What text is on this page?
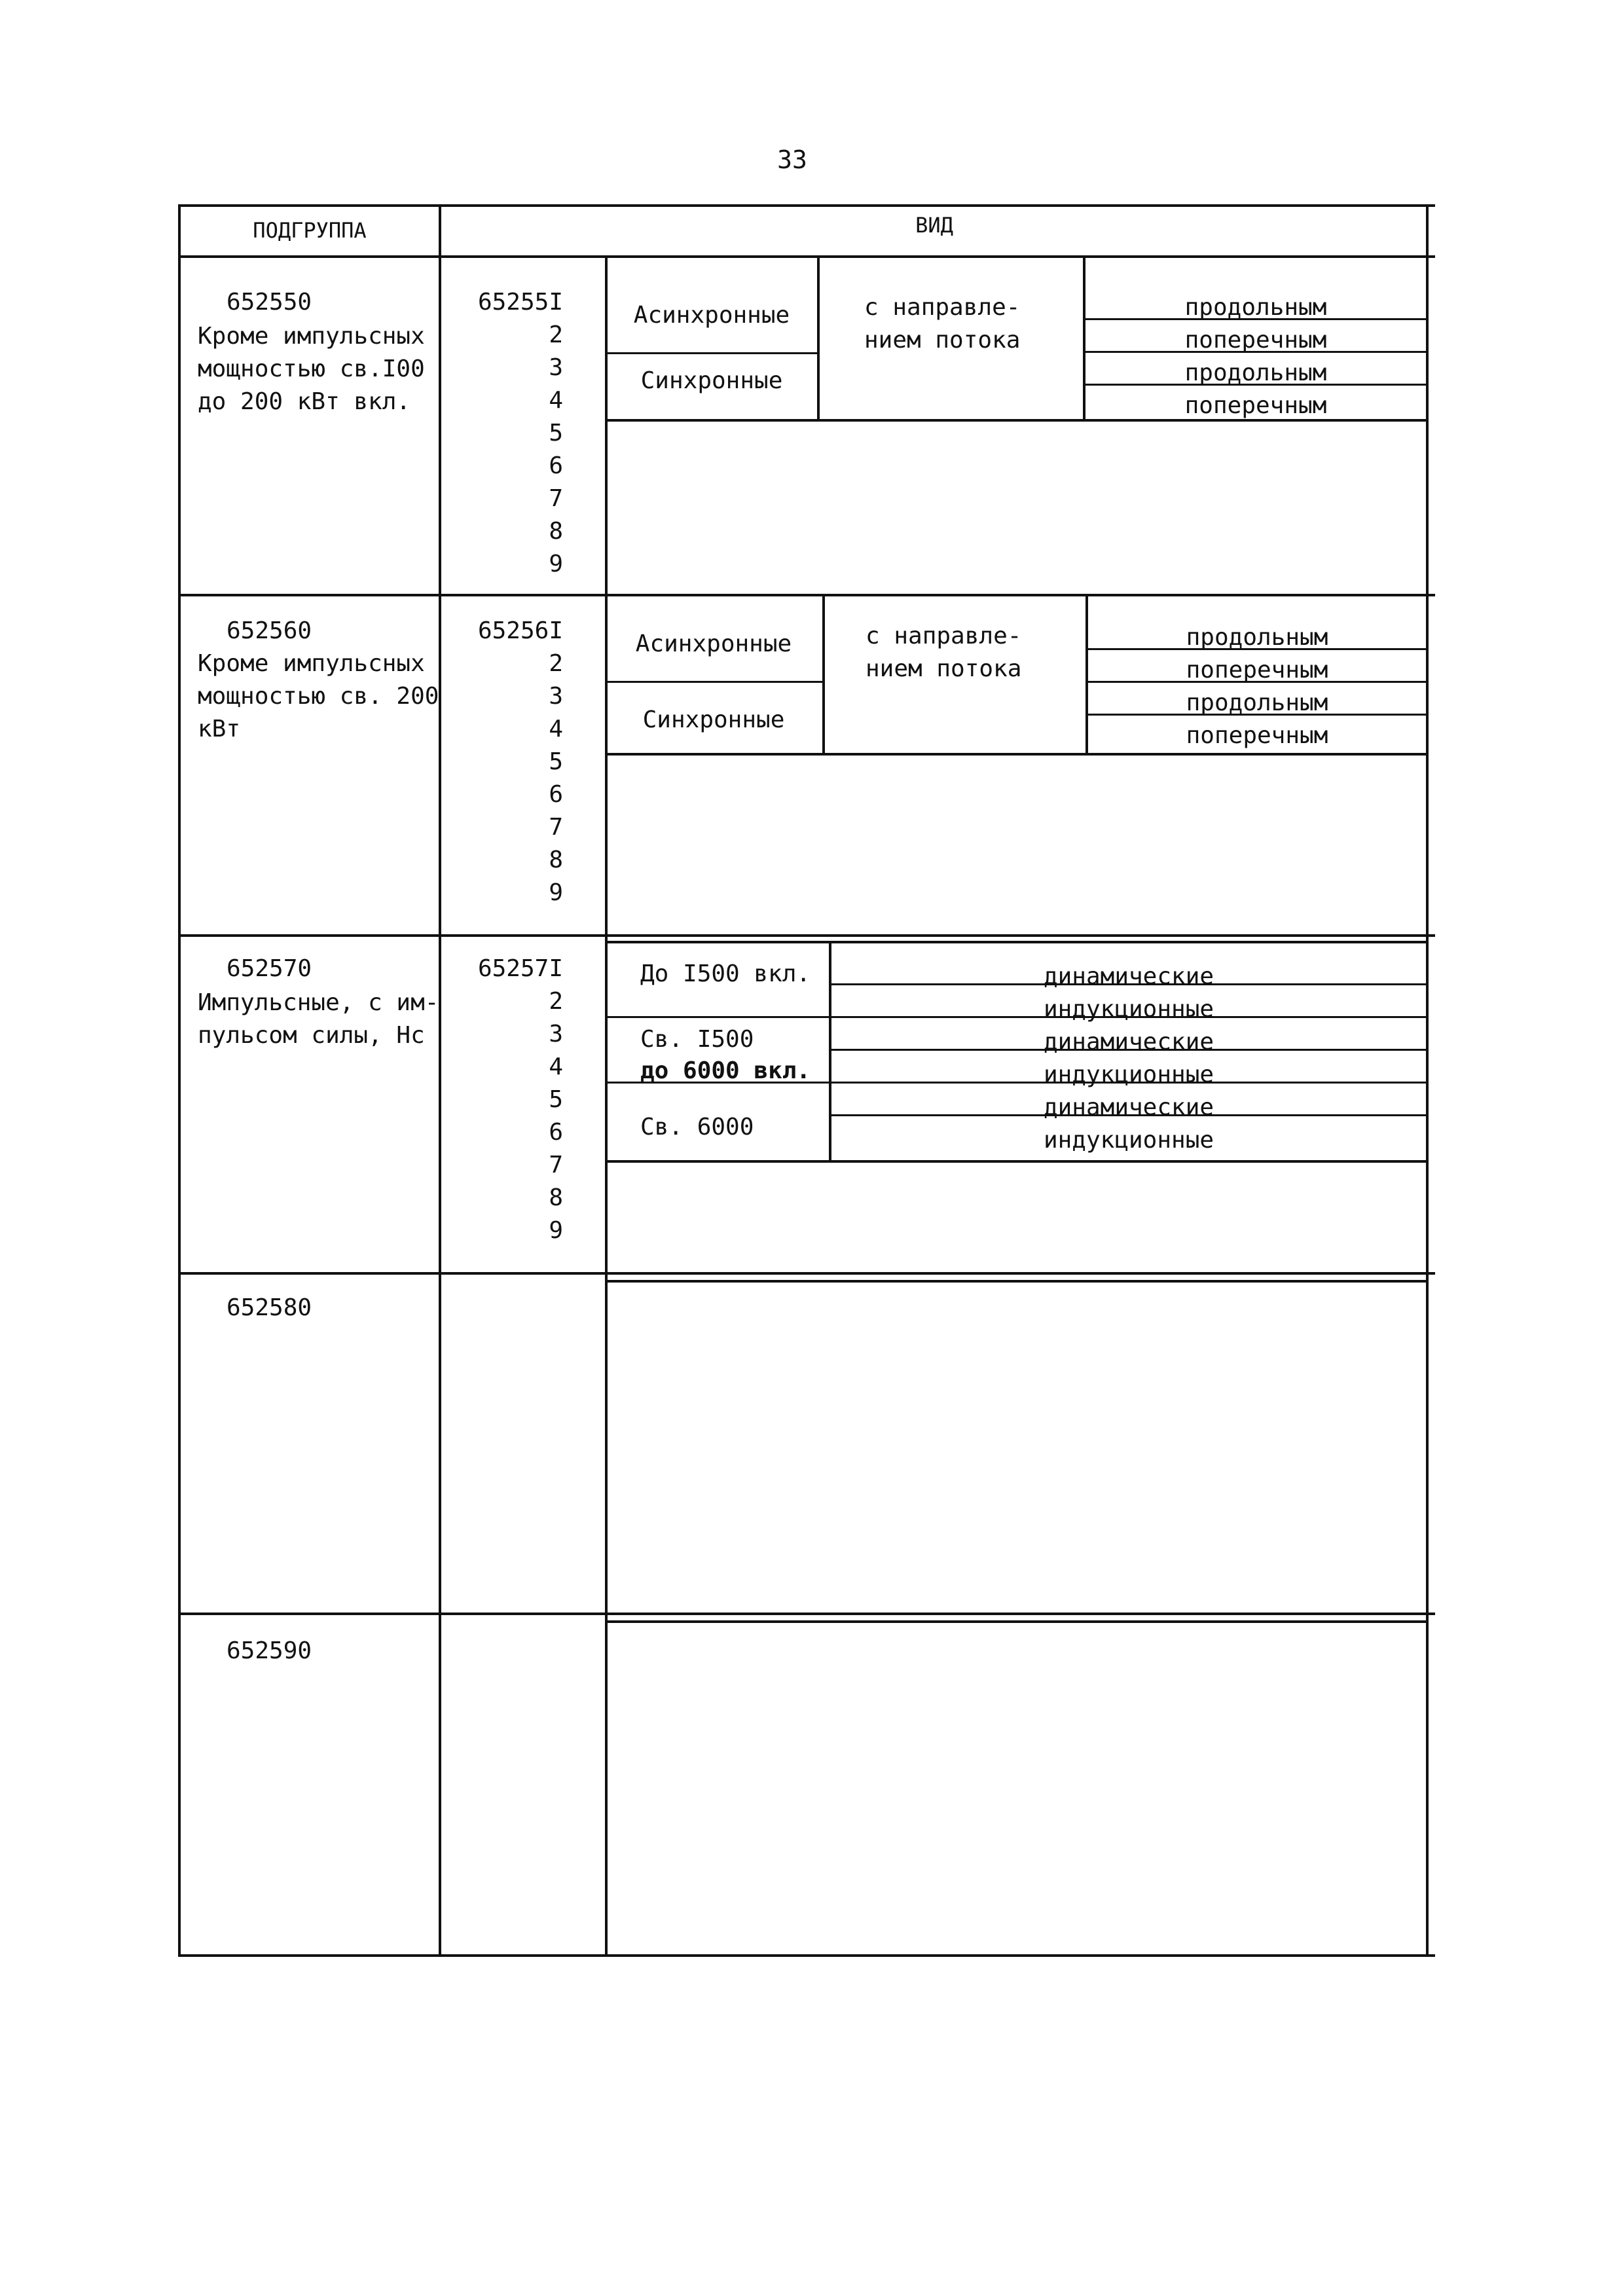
33
ПОДГРУППА	ВИД
652550
Кроме импульсных
мощностью св.I00
до 200 кВт вкл.
65255I
2
3
4
5
6
7
8
9
Асинхронные
Синхронные
с направле-
нием потока
продольным
поперечным
продольным
поперечным
652560
Кроме импульсных
мощностью св. 200
кВт
65256I
2
3
4
5
6
7
8
9
Асинхронные
Синхронные
с направле-
нием потока
продольным
поперечным
продольным
поперечным
652570
Импульсные, с им-
пульсом силы, Нс
65257I
2
3
4
5
6
7
8
9
До I500 вкл.
Св. I500
до 6000 вкл.
Св. 6000
динамические
индукционные
динамические
индукционные
динамические
индукционные
652580
652590
